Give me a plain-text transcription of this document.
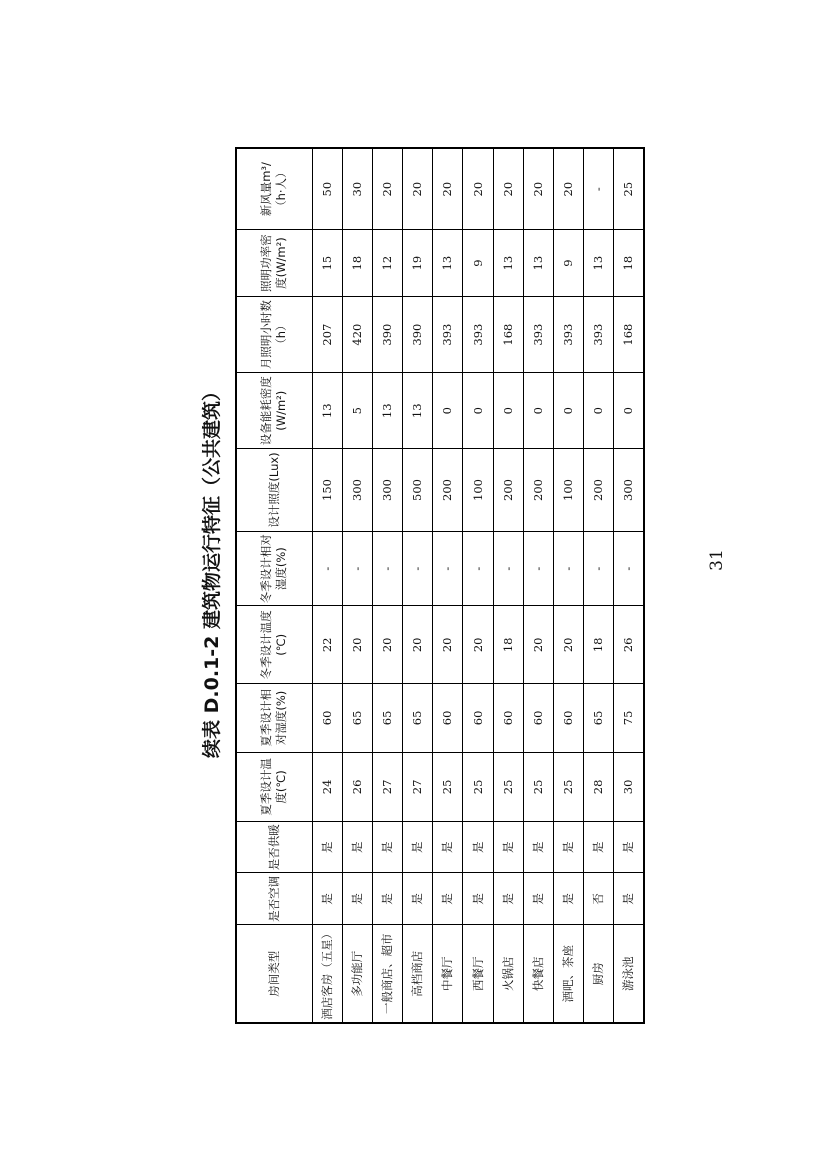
续表 D.0.1-2 建筑物运行特征（公共建筑）
房间类型	是否空调	是否供暖	夏季设计温度(℃)	夏季设计相对湿度(%)	冬季设计温度(℃)	冬季设计相对湿度(%)	设计照度(Lux)	设备能耗密度(W/m²)	月照明小时数（h）	照明功率密度(W/m²)	新风量m³/（h·人）
酒店客房（五星）	是	是	24	60	22	-	150	13	207	15	50
多功能厅	是	是	26	65	20	-	300	5	420	18	30
一般商店、超市	是	是	27	65	20	-	300	13	390	12	20
高档商店	是	是	27	65	20	-	500	13	390	19	20
中餐厅	是	是	25	60	20	-	200	0	393	13	20
西餐厅	是	是	25	60	20	-	100	0	393	9	20
火锅店	是	是	25	60	18	-	200	0	168	13	20
快餐店	是	是	25	60	20	-	200	0	393	13	20
酒吧、茶座	是	是	25	60	20	-	100	0	393	9	20
厨房	否	是	28	65	18	-	200	0	393	13	-
游泳池	是	是	30	75	26	-	300	0	168	18	25
31
